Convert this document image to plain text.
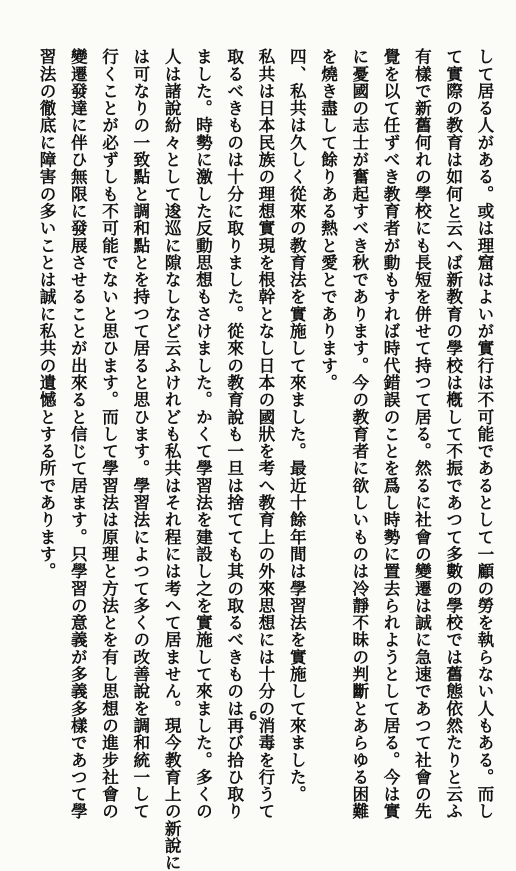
して居る人がある。或は理窟はよいが實行は不可能であるとして一顧の勞を執らない人もある。而し
て實際の教育は如何と云へば新教育の學校は槪して不振であつて多數の學校では舊態依然たりと云ふ
有樣で新舊何れの學校にも長短を併せて持つて居る。然るに社會の變遷は誠に急速であつて社會の先
覺を以て任ずべき教育者が動もすれば時代錯誤のことを爲し時勢に置去られようとして居る。今は實
に憂國の志士が奮起すべき秋であります。今の教育者に欲しいものは冷靜不昧の判斷とあらゆる困難
を燒き盡して餘りある熱と愛とであります。
四、私共は久しく從來の教育法を實施して來ました。最近十餘年間は學習法を實施して來ました。
私共は日本民族の理想實現を根幹となし日本の國狀を考へ教育上の外來思想には十分の消毒を行うて
取るべきものは十分に取りました。從來の教育說も一旦は捨てても其の取るべきものは再び拾ひ取り
ました。時勢に激した反動思想もさけました。かくて學習法を建設し之を實施して來ました。多くの
人は諸說紛々として逡巡に隙なしなど云ふけれども私共はそれ程には考へて居ません。現今教育上の新說に
は可なりの一致點と調和點とを持つて居ると思ひます。學習法によつて多くの改善說を調和統一して
行くことが必ずしも不可能でないと思ひます。而して學習法は原理と方法とを有し思想の進步社會の
變遷發達に伴ひ無限に發展させることが出來ると信じて居ます。只學習の意義が多義多樣であつて學
習法の徹底に障害の多いことは誠に私共の遺憾とする所であります。
6
